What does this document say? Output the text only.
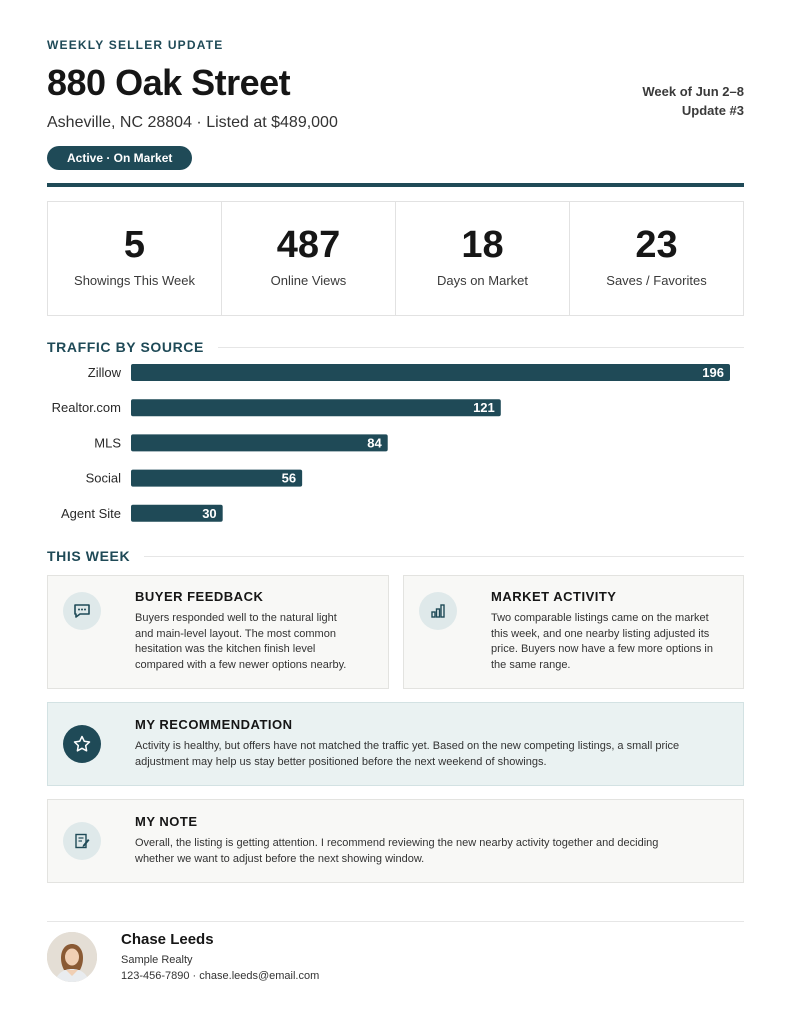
WEEKLY SELLER UPDATE
880 Oak Street
Asheville, NC 28804 · Listed at $489,000
Active · On Market
Week of Jun 2–8
Update #3
5
Showings This Week
487
Online Views
18
Days on Market
23
Saves / Favorites
TRAFFIC BY SOURCE
Zillow	196
Realtor.com	121
MLS	84
Social	56
Agent Site	30
THIS WEEK
BUYER FEEDBACK
Buyers responded well to the natural light
and main-level layout. The most common
hesitation was the kitchen finish level
compared with a few newer options nearby.
MARKET ACTIVITY
Two comparable listings came on the market
this week, and one nearby listing adjusted its
price. Buyers now have a few more options in
the same range.
MY RECOMMENDATION
Activity is healthy, but offers have not matched the traffic yet. Based on the new competing listings, a small price
adjustment may help us stay better positioned before the next weekend of showings.
MY NOTE
Overall, the listing is getting attention. I recommend reviewing the new nearby activity together and deciding
whether we want to adjust before the next showing window.
Chase Leeds
Sample Realty
123-456-7890 · chase.leeds@email.com
